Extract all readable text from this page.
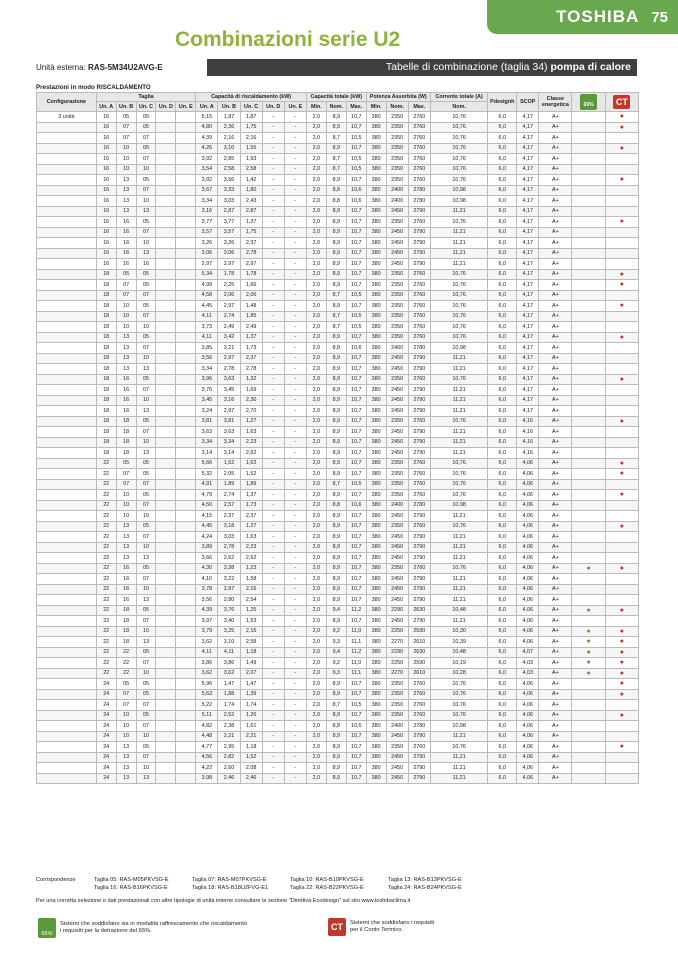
TOSHIBA 75
Combinazioni serie U2
Unità esterna: RAS-5M34U2AVG-E	Tabelle di combinazione (taglia 34) pompa di calore
Prestazioni in modo RISCALDAMENTO
Configurazione	Taglia					Capacità di riscaldamento (kW)					Capacità totale (kW)			Potenza Assorbita (W)			Corrente totale (A)	Pdesignh	SCOP	Classe energetica	65%	CT
	Un. A	Un. B	Un. C	Un. D	Un. E	Un. A	Un. B	Un. C	Un. D	Un. E	Min.	Nom.	Max.	Min.	Nom.	Max.	Nom.					
3 unità	16	05	05			5,15	1,87	1,87	-	-	2,0	8,9	10,7	380	2350	2760	10,76	6,0	4,17	A+		●
	16	07	05			4,80	2,36	1,75	-	-	2,0	8,9	10,7	380	2350	2760	10,76	6,0	4,17	A+		●
	16	07	07			4,39	2,16	2,16	-	-	2,0	8,7	10,5	380	2350	2760	10,76	6,0	4,17	A+		
	16	10	05			4,26	3,10	1,55	-	-	2,0	8,9	10,7	380	2350	2760	10,76	6,0	4,17	A+		●
	16	10	07			3,92	2,85	1,93	-	-	2,0	8,7	10,5	380	2350	2760	10,76	6,0	4,17	A+		
	16	10	10			3,54	2,58	2,58	-	-	2,0	8,7	10,5	380	2350	2760	10,76	6,0	4,17	A+		
	16	13	05			3,92	3,56	1,42	-	-	2,0	8,9	10,7	380	2350	2760	10,76	6,0	4,17	A+		●
	16	13	07			3,67	3,33	1,80	-	-	2,0	8,8	10,6	380	2400	2780	10,98	6,0	4,17	A+		
	16	13	10			3,34	3,03	2,43	-	-	2,0	8,8	10,6	380	2400	2780	10,98	6,0	4,17	A+		
	16	13	13			3,16	2,87	2,87	-	-	2,0	8,9	10,7	380	2450	2790	11,21	6,0	4,17	A+		
	16	16	05			3,77	3,77	1,37	-	-	2,0	8,9	10,7	380	2350	2760	10,76	6,0	4,17	A+		●
	16	16	07			3,57	3,57	1,75	-	-	2,0	8,9	10,7	380	2450	2790	11,21	6,0	4,17	A+		
	16	16	10			3,26	3,26	2,37	-	-	2,0	8,9	10,7	380	2450	2790	11,21	6,0	4,17	A+		
	16	16	13			3,06	3,06	2,78	-	-	2,0	8,9	10,7	380	2450	2790	11,21	6,0	4,17	A+		
	16	16	16			2,97	2,97	2,97	-	-	2,0	8,9	10,7	380	2450	2790	11,21	6,0	4,17	A+		
	18	05	05			5,34	1,78	1,78	-	-	2,0	8,9	10,7	380	2350	2760	10,76	6,0	4,17	A+		●
	18	07	05			4,99	2,25	1,66	-	-	2,0	8,9	10,7	380	2350	2760	10,76	6,0	4,17	A+		●
	18	07	07			4,58	2,06	2,06	-	-	2,0	8,7	10,5	380	2350	2760	10,76	6,0	4,17	A+		
	18	10	05			4,45	2,97	1,48	-	-	2,0	8,9	10,7	380	2350	2760	10,76	6,0	4,17	A+		●
	18	10	07			4,11	2,74	1,85	-	-	2,0	8,7	10,5	380	2350	2760	10,76	6,0	4,17	A+		
	18	10	10			3,73	2,49	2,49	-	-	2,0	8,7	10,5	380	2350	2760	10,76	6,0	4,17	A+		
	18	13	05			4,11	3,42	1,37	-	-	2,0	8,9	10,7	380	2350	2760	10,76	6,0	4,17	A+		●
	18	13	07			3,85	3,21	1,73	-	-	2,0	8,8	10,6	380	2400	2780	10,98	6,0	4,17	A+		
	18	13	10			3,56	2,97	2,37	-	-	2,0	8,9	10,7	380	2450	2790	11,21	6,0	4,17	A+		
	18	13	13			3,34	2,78	2,78	-	-	2,0	8,9	10,7	380	2450	2790	11,21	6,0	4,17	A+		
	18	16	05			3,96	3,63	1,32	-	-	2,0	8,9	10,7	380	2350	2760	10,76	6,0	4,17	A+		●
	18	16	07			3,76	3,45	1,69	-	-	2,0	8,9	10,7	380	2450	2790	11,21	6,0	4,17	A+		
	18	16	10			3,45	3,16	2,30	-	-	2,0	8,9	10,7	380	2450	2790	11,21	6,0	4,17	A+		
	18	16	13			3,24	2,97	2,70	-	-	2,0	8,9	10,7	380	2450	2790	11,21	6,0	4,17	A+		
	18	18	05			3,81	3,81	1,27	-	-	2,0	8,9	10,7	380	2350	2760	10,76	6,0	4,16	A+		●
	18	18	07			3,63	3,63	1,63	-	-	2,0	8,9	10,7	380	2450	2790	11,21	6,0	4,16	A+		
	18	18	10			3,34	3,34	2,23	-	-	2,0	8,9	10,7	380	2450	2790	11,21	6,0	4,16	A+		
	18	18	13			3,14	3,14	2,62	-	-	2,0	8,9	10,7	380	2450	2790	11,21	6,0	4,16	A+		
	22	05	05			5,66	1,62	1,62	-	-	2,0	8,9	10,7	380	2350	2760	10,76	6,0	4,06	A+		●
	22	07	05			5,32	2,05	1,52	-	-	2,0	8,9	10,7	380	2350	2760	10,76	6,0	4,06	A+		●
	22	07	07			4,91	1,89	1,89	-	-	2,0	8,7	10,5	380	2350	2760	10,76	6,0	4,06	A+		
	22	10	05			4,79	2,74	1,37	-	-	2,0	8,9	10,7	380	2350	2760	10,76	6,0	4,06	A+		●
	22	10	07			4,50	2,57	1,73	-	-	2,0	8,8	10,6	380	2400	2780	10,98	6,0	4,06	A+		
	22	10	10			4,15	2,37	2,37	-	-	2,0	8,9	10,7	380	2450	2790	11,21	6,0	4,06	A+		
	22	13	05			4,45	3,18	1,27	-	-	2,0	8,9	10,7	380	2350	2760	10,76	6,0	4,06	A+		●
	22	13	07			4,24	3,03	1,63	-	-	2,0	8,9	10,7	380	2450	2790	11,21	6,0	4,06	A+		
	22	13	10			3,89	2,78	2,23	-	-	2,0	8,9	10,7	380	2450	2790	11,21	6,0	4,06	A+		
	22	13	13			3,66	2,62	2,62	-	-	2,0	8,9	10,7	380	2450	2790	11,21	6,0	4,06	A+		
	22	16	05			4,30	3,38	1,23	-	-	2,0	8,9	10,7	380	2350	2760	10,76	6,0	4,06	A+	●	●
	22	16	07			4,10	3,22	1,58	-	-	2,0	8,9	10,7	380	2450	2790	11,21	6,0	4,06	A+		
	22	16	10			3,78	2,97	2,16	-	-	2,0	8,9	10,7	380	2450	2790	11,21	6,0	4,06	A+		
	22	16	13			3,56	2,80	2,54	-	-	2,0	8,9	10,7	380	2450	2790	11,21	6,0	4,06	A+		
	22	18	05			4,39	3,76	1,25	-	-	2,0	9,4	11,2	380	2290	2630	10,48	6,0	4,06	A+	●	●
	22	18	07			3,97	3,40	1,53	-	-	2,0	8,9	10,7	380	2450	2790	11,21	6,0	4,06	A+		
	22	18	10			3,79	3,25	2,16	-	-	2,0	9,2	11,0	380	2250	2590	10,30	6,0	4,06	A+	●	●
	22	18	13			3,62	3,10	2,58	-	-	2,0	9,3	11,1	380	2270	2610	10,39	6,0	4,06	A+	●	●
	22	22	05			4,11	4,11	1,18	-	-	2,0	9,4	11,2	380	2290	2630	10,48	6,0	4,07	A+	●	●
	22	22	07			3,86	3,86	1,49	-	-	2,0	9,2	11,0	380	2250	2590	10,19	6,0	4,03	A+	●	●
	22	22	10			3,62	3,62	2,07	-	-	2,0	9,3	11,1	380	2270	2610	10,28	6,0	4,03	A+	●	●
	24	05	05			5,96	1,47	1,47	-	-	2,0	8,9	10,7	380	2350	2760	10,76	6,0	4,06	A+		●
	24	07	05			5,63	1,88	1,39	-	-	2,0	8,9	10,7	380	2350	2760	10,76	6,0	4,06	A+		●
	24	07	07			5,22	1,74	1,74	-	-	2,0	8,7	10,5	380	2350	2760	10,76	6,0	4,06	A+		
	24	10	05			5,11	2,52	1,26	-	-	2,0	8,9	10,7	380	2350	2760	10,76	6,0	4,06	A+		●
	24	10	07			4,82	2,38	1,61	-	-	2,0	8,8	10,6	380	2400	2780	10,98	6,0	4,06	A+		
	24	10	10			4,48	2,21	2,21	-	-	2,0	8,9	10,7	380	2450	2790	11,21	6,0	4,06	A+		
	24	13	05			4,77	2,95	1,18	-	-	2,0	8,9	10,7	380	2350	2760	10,76	6,0	4,06	A+		●
	24	13	07			4,56	2,82	1,52	-	-	2,0	8,9	10,7	380	2450	2790	11,21	6,0	4,06	A+		
	24	13	10			4,22	2,60	2,08	-	-	2,0	8,9	10,7	380	2450	2790	11,21	6,0	4,06	A+		
	24	13	13			3,98	2,46	2,46	-	-	2,0	8,9	10,7	380	2450	2790	11,21	6,0	4,06	A+		
Corrispondenze	Taglia 05: RAS-M05PKVSG-E	Taglia 07: RAS-M07PKVSG-E	Taglia 10: RAS-B10PKVSG-E	Taglia 13: RAS-B13PKVSG-E
Taglia 16: RAS-B16PKVSG-E	Taglia 18: RAS-B18U2FVG-E1	Taglia 22: RAS-B22PKVSG-E	Taglia 24: RAS-B24PKVSG-E
Per una corretta selezione e dati prestazionali con altre tipologie di unità interne consultare la sezione "Direttiva Ecodesign" sul sito www.toshibaclima.it
65%
Sistemi che soddisfano sia in modalità raffrescamento che riscaldamento
i requisiti per la detrazione del 65%.	CT	Sistemi che soddisfano i requisiti
per il Conto Termico.
